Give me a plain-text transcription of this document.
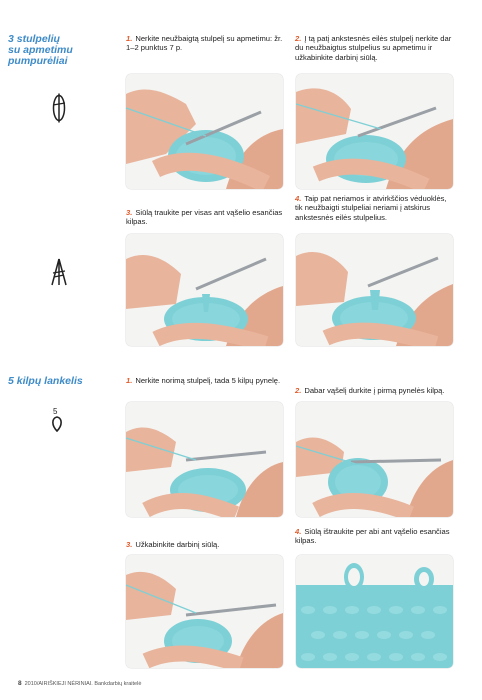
3 stulpelių
su apmetimu
pumpurėliai
1. Nerkite neužbaigtą stulpelį su apmetimu: žr. 1–2 punktus 7 p.
2. Į tą patį ankstesnės eilės stulpelį nerkite dar du neužbaigtus stulpelius su apmetimu ir užkabinkite darbinį siūlą.
3. Siūlą traukite per visas ant vąšelio esančias kilpas.
4. Taip pat neriamos ir atvirkščios vėduoklės, tik neužbaigti stulpeliai neriami į atskirus ankstesnės eilės stulpelius.
5 kilpų lankelis
5
1. Nerkite norimą stulpelį, tada 5 kilpų pynelę.
2. Dabar vąšelį durkite į pirmą pynelės kilpą.
3. Užkabinkite darbinį siūlą.
4. Siūlą ištraukite per abi ant vąšelio esančias kilpas.
8 2010/AIRIŠKIEJI NĖRINIAI. Bankdarbių kraitelė
